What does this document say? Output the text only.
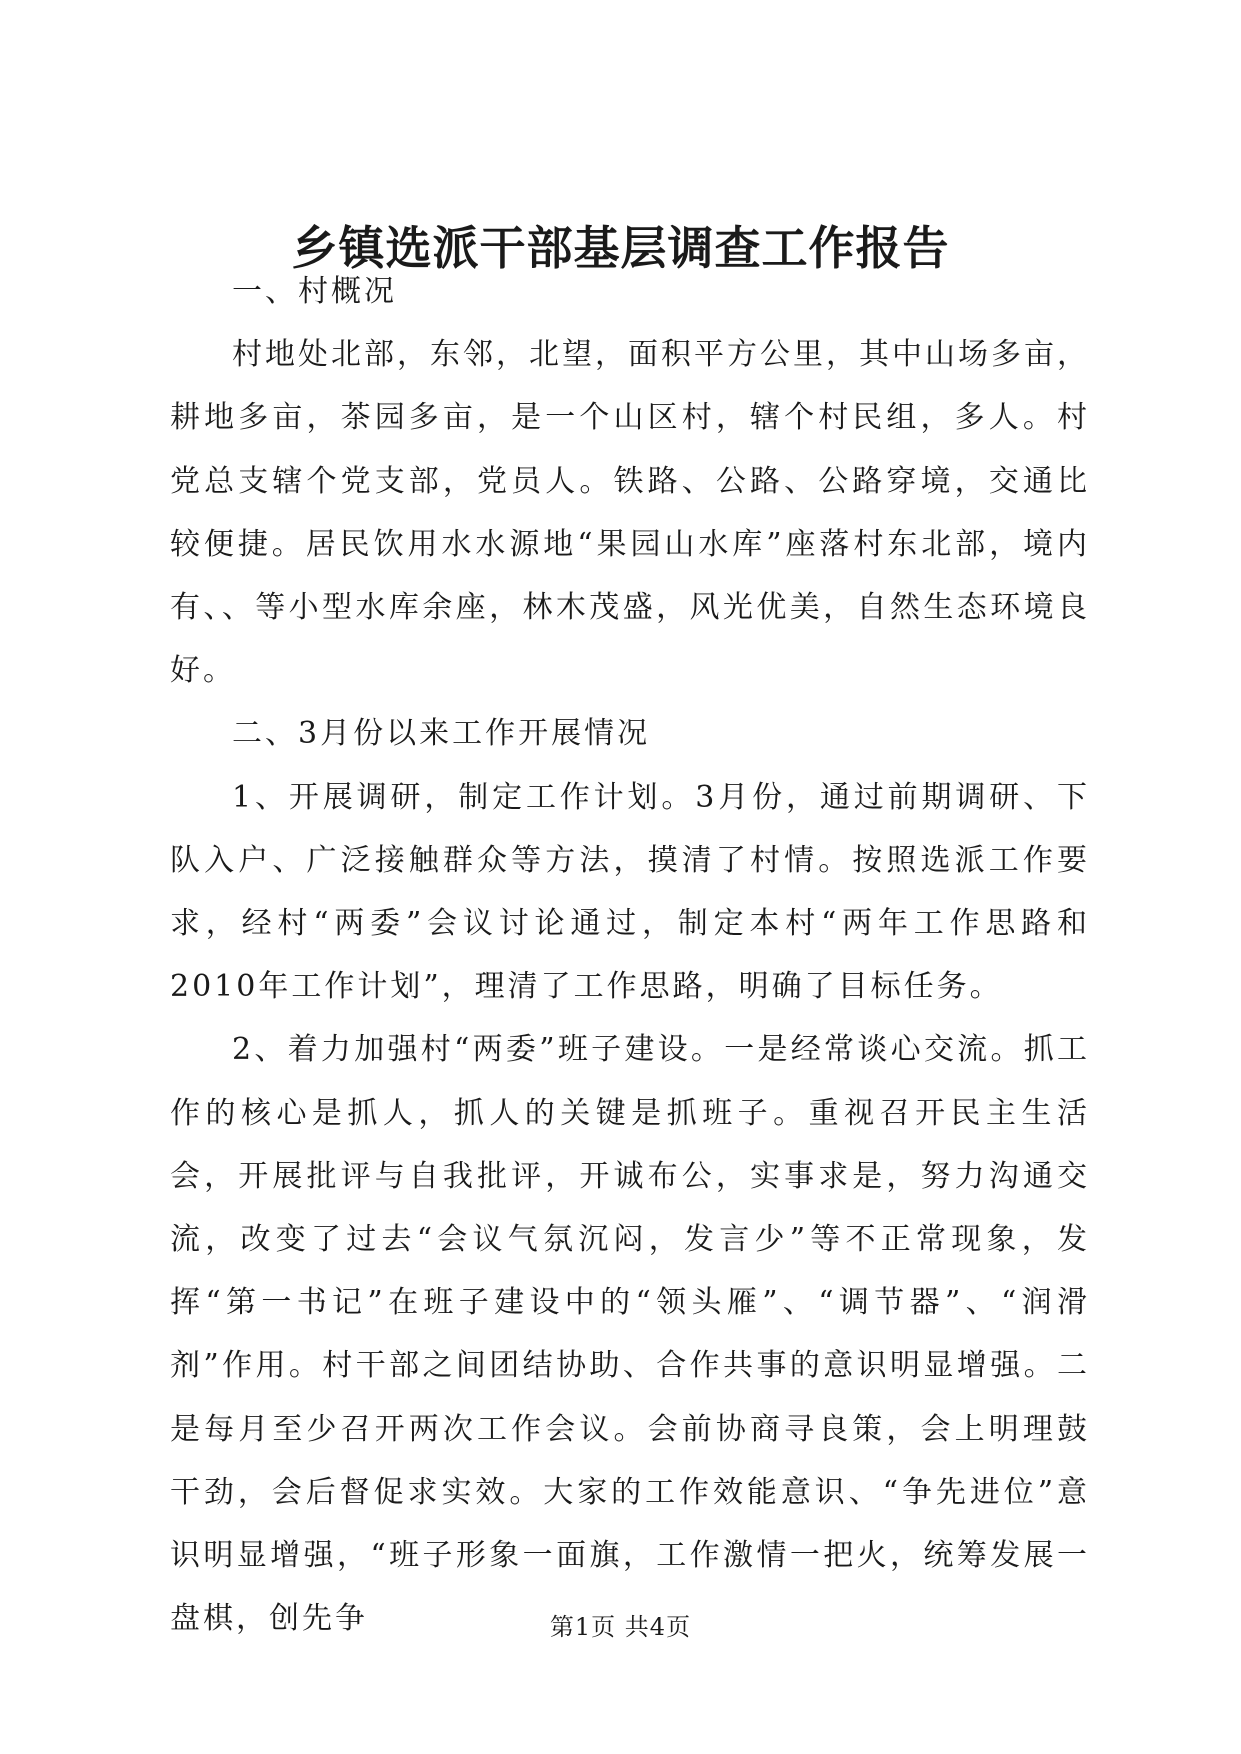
乡镇选派干部基层调查工作报告

一、村概况

村地处北部，东邻，北望，面积平方公里，其中山场多亩，耕地多亩，茶园多亩，是一个山区村，辖个村民组，多人。村党总支辖个党支部，党员人。铁路、公路、公路穿境，交通比较便捷。居民饮用水水源地“果园山水库”座落村东北部，境内有、、等小型水库余座，林木茂盛，风光优美，自然生态环境良好。

二、3月份以来工作开展情况

1、开展调研，制定工作计划。3月份，通过前期调研、下队入户、广泛接触群众等方法，摸清了村情。按照选派工作要求，经村“两委”会议讨论通过，制定本村“两年工作思路和2010年工作计划”，理清了工作思路，明确了目标任务。

2、着力加强村“两委”班子建设。一是经常谈心交流。抓工作的核心是抓人，抓人的关键是抓班子。重视召开民主生活会，开展批评与自我批评，开诚布公，实事求是，努力沟通交流，改变了过去“会议气氛沉闷，发言少”等不正常现象，发挥“第一书记”在班子建设中的“领头雁”、“调节器”、“润滑剂”作用。村干部之间团结协助、合作共事的意识明显增强。二是每月至少召开两次工作会议。会前协商寻良策，会上明理鼓干劲，会后督促求实效。大家的工作效能意识、“争先进位”意识明显增强，“班子形象一面旗，工作激情一把火，统筹发展一盘棋，创先争	第1页 共4页
